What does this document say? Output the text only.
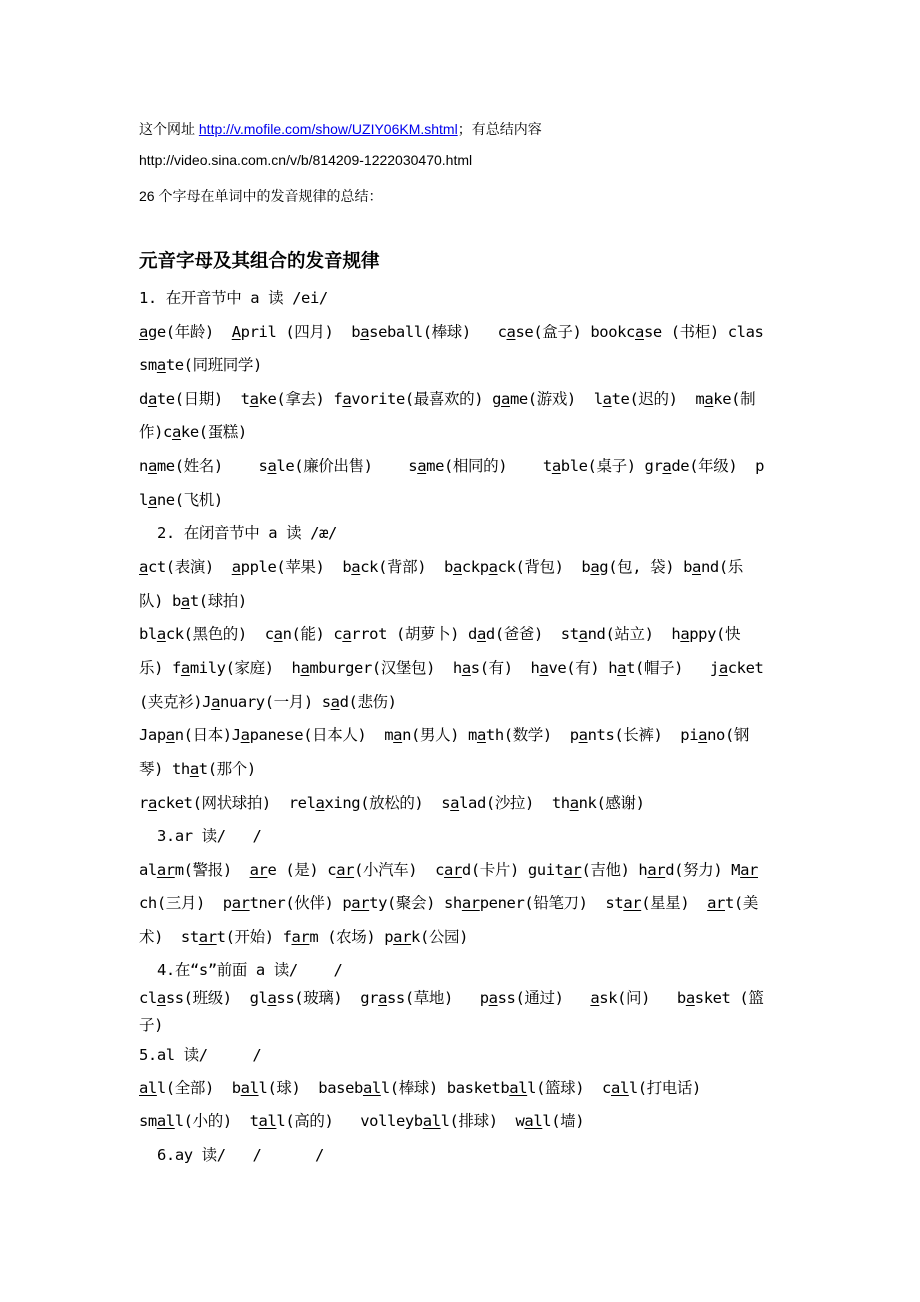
这个网址 http://v.mofile.com/show/UZIY06KM.shtml；有总结内容
http://video.sina.com.cn/v/b/814209-1222030470.html
26 个字母在单词中的发音规律的总结：
元音字母及其组合的发音规律
1. 在开音节中 a 读 /ei/
age(年龄)  April (四月)  baseball(棒球)   case(盒子) bookcase (书柜) clas
smate(同班同学)
date(日期)  take(拿去) favorite(最喜欢的) game(游戏)  late(迟的)  make(制
作)cake(蛋糕)
name(姓名)    sale(廉价出售)    same(相同的)    table(桌子) grade(年级)  p
lane(飞机)
2. 在闭音节中 a 读 /æ/
act(表演)  apple(苹果)  back(背部)  backpack(背包)  bag(包, 袋) band(乐
队) bat(球拍)
black(黑色的)  can(能) carrot (胡萝卜) dad(爸爸)  stand(站立)  happy(快
乐) family(家庭)  hamburger(汉堡包)  has(有)  have(有) hat(帽子)   jacket
(夹克衫)January(一月) sad(悲伤)
Japan(日本)Japanese(日本人)  man(男人) math(数学)  pants(长裤)  piano(钢
琴) that(那个)
racket(网状球拍)  relaxing(放松的)  salad(沙拉)  thank(感谢)
3.ar 读/   /
alarm(警报)  are (是) car(小汽车)  card(卡片) guitar(吉他) hard(努力) Mar
ch(三月)  partner(伙伴) party(聚会) sharpener(铅笔刀)  star(星星)  art(美
术)  start(开始) farm (农场) park(公园)
4.在“s”前面 a 读/    /
class(班级)  glass(玻璃)  grass(草地)   pass(通过)   ask(问)   basket (篮
子)
5.al 读/     /
all(全部)  ball(球)  baseball(棒球) basketball(篮球)  call(打电话)
small(小的)  tall(高的)   volleyball(排球)  wall(墙)
6.ay 读/   /      /
